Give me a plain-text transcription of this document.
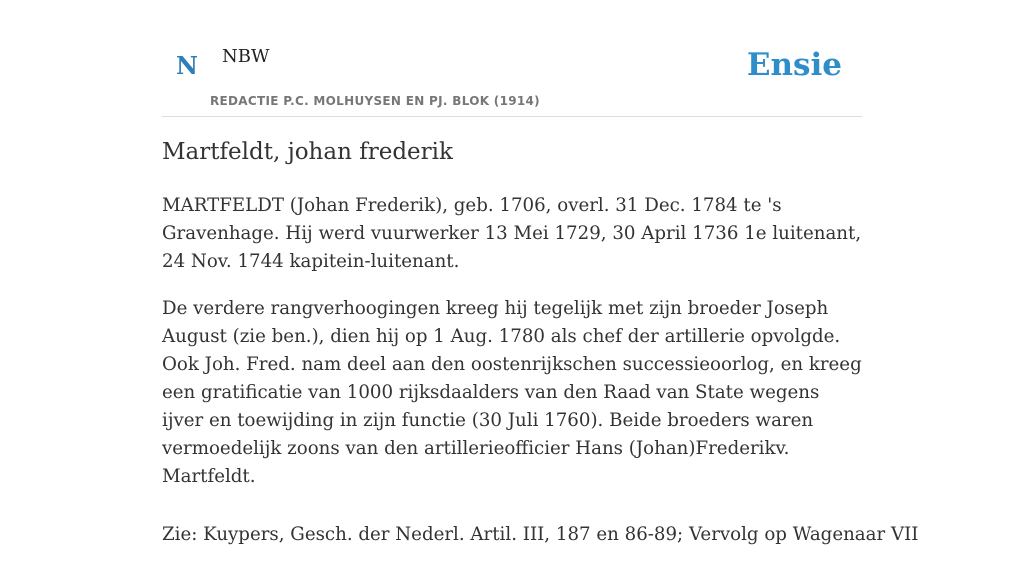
N NBW
REDACTIE P.C. MOLHUYSEN EN PJ. BLOK (1914)
Ensie
Martfeldt, johan frederik

MARTFELDT (Johan Frederik), geb. 1706, overl. 31 Dec. 1784 te 's Gravenhage. Hij werd vuurwerker 13 Mei 1729, 30 April 1736 1e luitenant, 24 Nov. 1744 kapitein-luitenant.

De verdere rangverhoogingen kreeg hij tegelijk met zijn broeder Joseph August (zie ben.), dien hij op 1 Aug. 1780 als chef der artillerie opvolgde. Ook Joh. Fred. nam deel aan den oostenrijkschen successieoorlog, en kreeg een gratificatie van 1000 rijksdaalders van den Raad van State wegens ijver en toewijding in zijn functie (30 Juli 1760). Beide broeders waren vermoedelijk zoons van den artillerieofficier Hans (Johan)Frederikv. Martfeldt.

Zie: Kuypers, Gesch. der Nederl. Artil. III, 187 en 86-89; Vervolg op Wagenaar VII
